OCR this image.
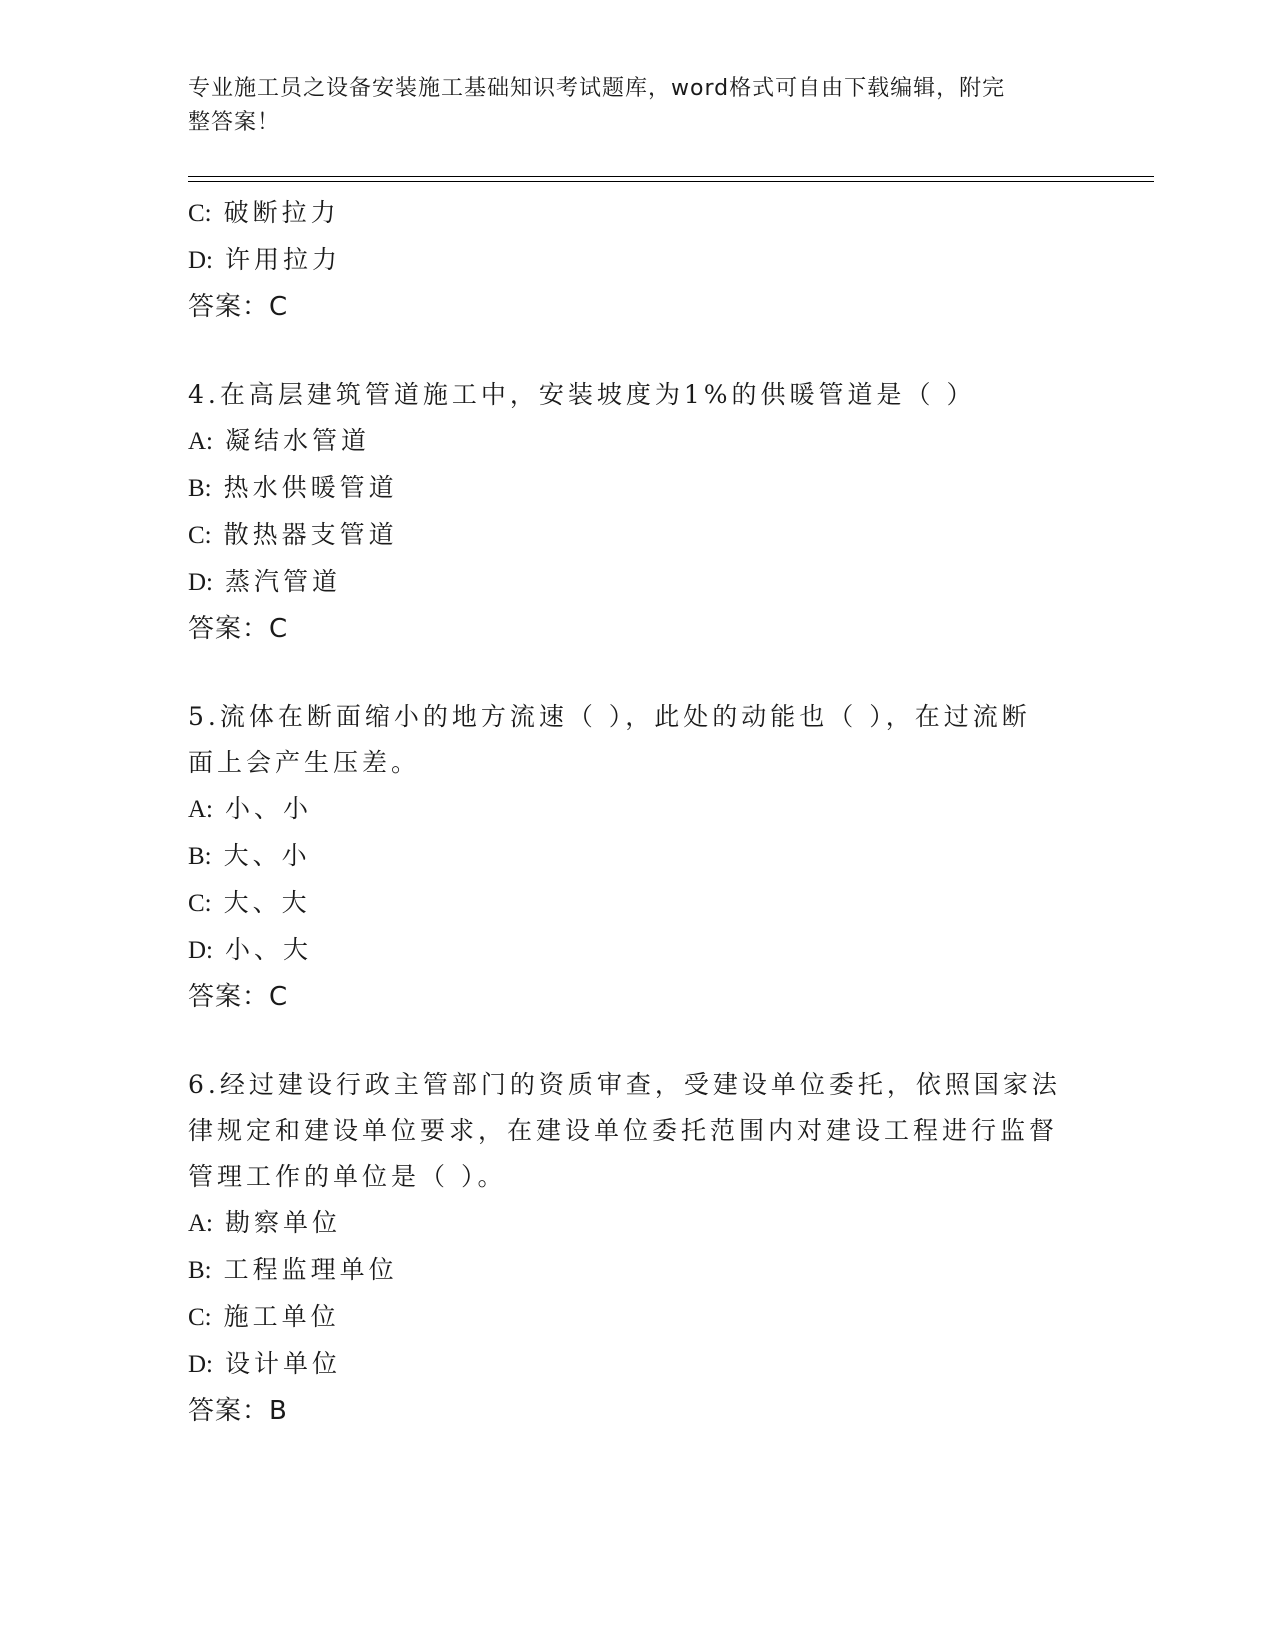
专业施工员之设备安装施工基础知识考试题库，word格式可自由下载编辑，附完
整答案！
C: 破断拉力
D: 许用拉力
答案：C
4.在高层建筑管道施工中，安装坡度为1%的供暖管道是（ ）
A: 凝结水管道
B: 热水供暖管道
C: 散热器支管道
D: 蒸汽管道
答案：C
5.流体在断面缩小的地方流速（ ），此处的动能也（ ），在过流断
面上会产生压差。
A: 小、小
B: 大、小
C: 大、大
D: 小、大
答案：C
6.经过建设行政主管部门的资质审查，受建设单位委托，依照国家法
律规定和建设单位要求，在建设单位委托范围内对建设工程进行监督
管理工作的单位是（ ）。
A: 勘察单位
B: 工程监理单位
C: 施工单位
D: 设计单位
答案：B
